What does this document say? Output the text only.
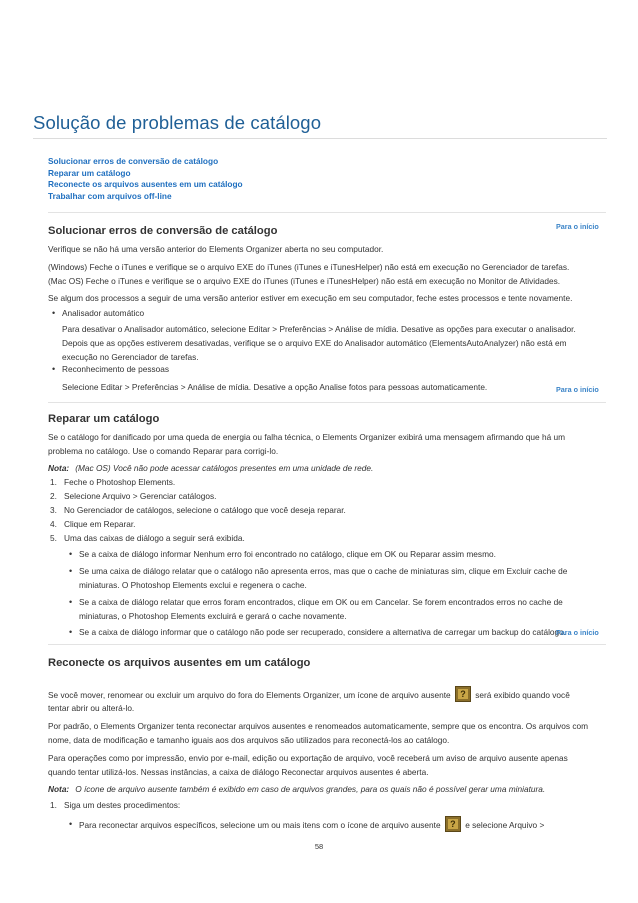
Solução de problemas de catálogo
Solucionar erros de conversão de catálogo
Reparar um catálogo
Reconecte os arquivos ausentes em um catálogo
Trabalhar com arquivos off-line
Solucionar erros de conversão de catálogo	Para o início

Verifique se não há uma versão anterior do Elements Organizer aberta no seu computador.

(Windows) Feche o iTunes e verifique se o arquivo EXE do iTunes (iTunes e iTunesHelper) não está em execução no Gerenciador de tarefas.

(Mac OS) Feche o iTunes e verifique se o arquivo EXE do iTunes (iTunes e iTunesHelper) não está em execução no Monitor de Atividades.

Se algum dos processos a seguir de uma versão anterior estiver em execução em seu computador, feche estes processos e tente novamente.

• Analisador automático

Para desativar o Analisador automático, selecione Editar > Preferências > Análise de mídia. Desative as opções para executar o analisador.

Depois que as opções estiverem desativadas, verifique se o arquivo EXE do Analisador automático (ElementsAutoAnalyzer) não está em

execução no Gerenciador de tarefas.

• Reconhecimento de pessoas

Selecione Editar > Preferências > Análise de mídia. Desative a opção Analise fotos para pessoas automaticamente.

Reparar um catálogo
Para o início

Se o catálogo for danificado por uma queda de energia ou falha técnica, o Elements Organizer exibirá uma mensagem afirmando que há um

problema no catálogo. Use o comando Reparar para corrigi-lo.

Nota: (Mac OS) Você não pode acessar catálogos presentes em uma unidade de rede.
1. Feche o Photoshop Elements.
2. Selecione Arquivo > Gerenciar catálogos.
3. No Gerenciador de catálogos, selecione o catálogo que você deseja reparar.
4. Clique em Reparar.
5. Uma das caixas de diálogo a seguir será exibida.
• Se a caixa de diálogo informar Nenhum erro foi encontrado no catálogo, clique em OK ou Reparar assim mesmo.
• Se uma caixa de diálogo relatar que o catálogo não apresenta erros, mas que o cache de miniaturas sim, clique em Excluir cache de
miniaturas. O Photoshop Elements exclui e regenera o cache.
• Se a caixa de diálogo relatar que erros foram encontrados, clique em OK ou em Cancelar. Se forem encontrados erros no cache de
miniaturas, o Photoshop Elements excluirá e gerará o cache novamente.
• Se a caixa de diálogo informar que o catálogo não pode ser recuperado, considere a alternativa de carregar um backup do catálogo.
Para o início
Reconecte os arquivos ausentes em um catálogo

Se você mover, renomear ou excluir um arquivo do fora do Elements Organizer, um ícone de arquivo ausente ? será exibido quando você

tentar abrir ou alterá-lo.

Por padrão, o Elements Organizer tenta reconectar arquivos ausentes e renomeados automaticamente, sempre que os encontra. Os arquivos com

nome, data de modificação e tamanho iguais aos dos arquivos são utilizados para reconectá-los ao catálogo.

Para operações como por impressão, envio por e-mail, edição ou exportação de arquivo, você receberá um aviso de arquivo ausente apenas

quando tentar utilizá-los. Nessas instâncias, a caixa de diálogo Reconectar arquivos ausentes é aberta.

Nota: O ícone de arquivo ausente também é exibido em caso de arquivos grandes, para os quais não é possível gerar uma miniatura.
1. Siga um destes procedimentos:
• Para reconectar arquivos específicos, selecione um ou mais itens com o ícone de arquivo ausente ? e selecione Arquivo >
58
